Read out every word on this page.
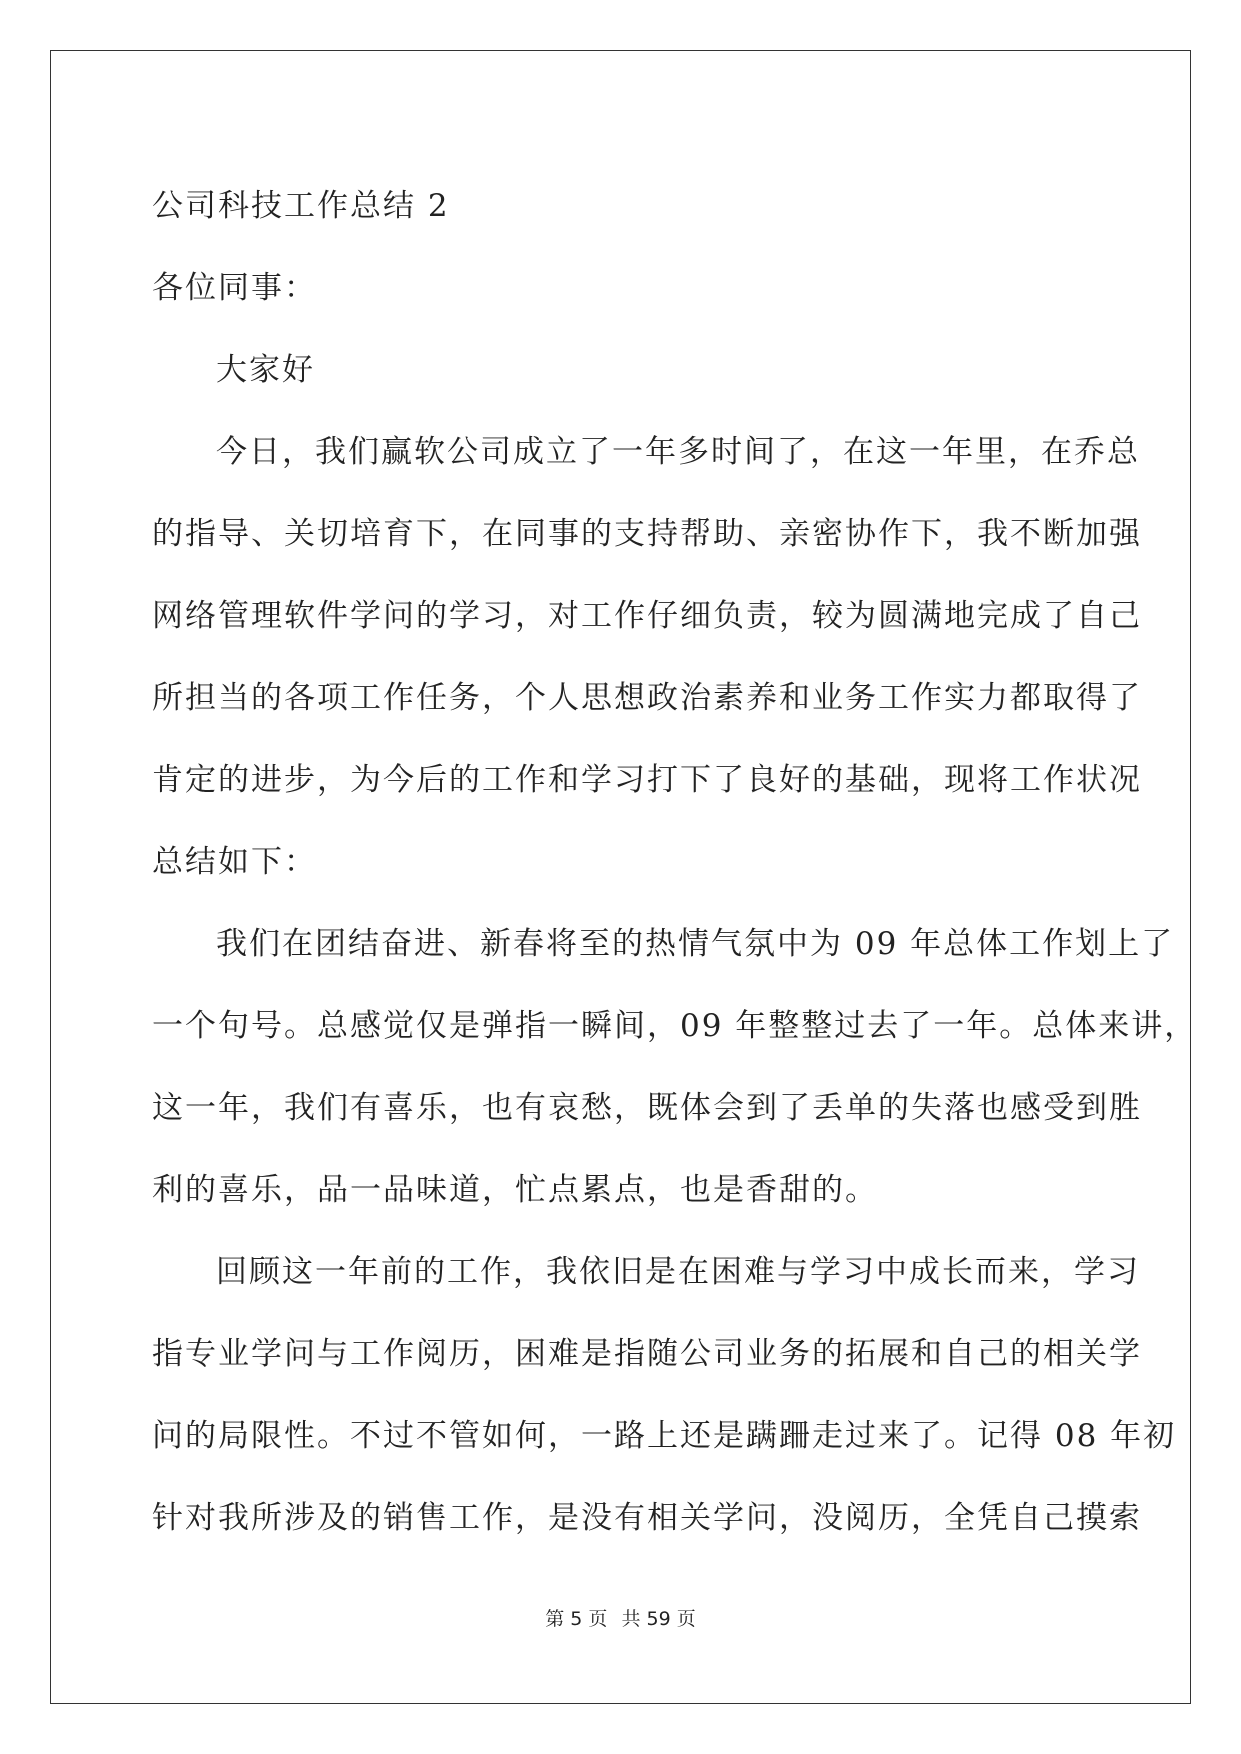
公司科技工作总结 2
各位同事：
大家好
今日，我们赢软公司成立了一年多时间了，在这一年里，在乔总
的指导、关切培育下，在同事的支持帮助、亲密协作下，我不断加强
网络管理软件学问的学习，对工作仔细负责，较为圆满地完成了自己
所担当的各项工作任务，个人思想政治素养和业务工作实力都取得了
肯定的进步，为今后的工作和学习打下了良好的基础，现将工作状况
总结如下：
我们在团结奋进、新春将至的热情气氛中为 09 年总体工作划上了
一个句号。总感觉仅是弹指一瞬间，09 年整整过去了一年。总体来讲，
这一年，我们有喜乐，也有哀愁，既体会到了丢单的失落也感受到胜
利的喜乐，品一品味道，忙点累点，也是香甜的。
回顾这一年前的工作，我依旧是在困难与学习中成长而来，学习
指专业学问与工作阅历，困难是指随公司业务的拓展和自己的相关学
问的局限性。不过不管如何，一路上还是蹒跚走过来了。记得 08 年初
针对我所涉及的销售工作，是没有相关学问，没阅历，全凭自己摸索
第 5 页 共 59 页
